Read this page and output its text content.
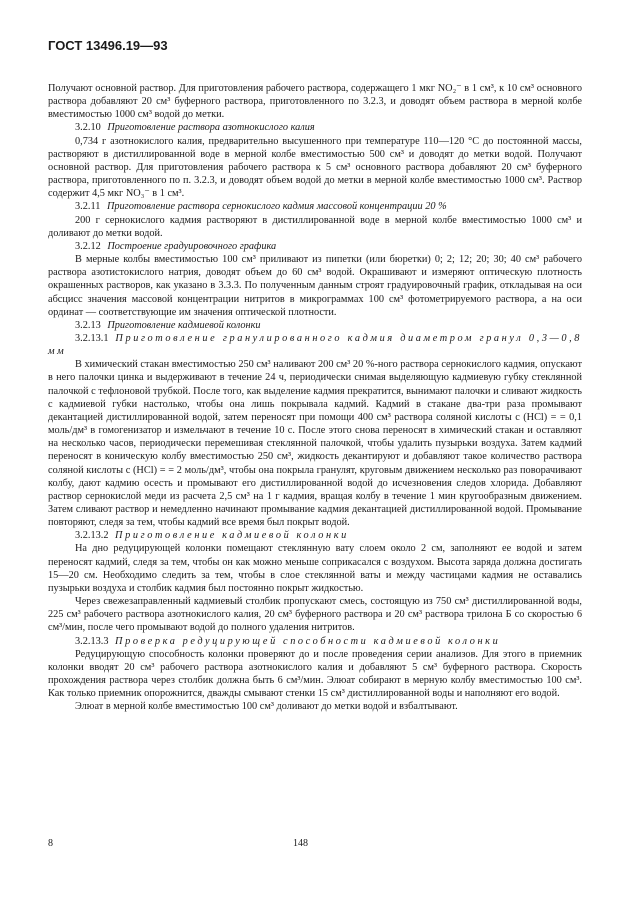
ГОСТ 13496.19—93

Получают основной раствор. Для приготовления рабочего раствора, содержащего 1 мкг NO₂⁻ в 1 см³, к 10 см³ основного раствора добавляют 20 см³ буферного раствора, приготовленного по 3.2.3, и доводят объем раствора в мерной колбе вместимостью 1000 см³ водой до метки.

3.2.10 Приготовление раствора азотнокислого калия

0,734 г азотнокислого калия, предварительно высушенного при температуре 110—120 °С до постоянной массы, растворяют в дистиллированной воде в мерной колбе вместимостью 500 см³ и доводят до метки водой. Получают основной раствор. Для приготовления рабочего раствора к 5 см³ основного раствора добавляют 20 см³ буферного раствора, приготовленного по п. 3.2.3, и доводят объем водой до метки в мерной колбе вместимостью 1000 см³. Раствор содержит 4,5 мкг NO₃⁻ в 1 см³.

3.2.11 Приготовление раствора сернокислого кадмия массовой концентрации 20 %

200 г сернокислого кадмия растворяют в дистиллированной воде в мерной колбе вместимостью 1000 см³ и доливают до метки водой.

3.2.12 Построение градуировочного графика

В мерные колбы вместимостью 100 см³ приливают из пипетки (или бюретки) 0; 2; 12; 20; 30; 40 см³ рабочего раствора азотистокислого натрия, доводят объем до 60 см³ водой. Окрашивают и измеряют оптическую плотность окрашенных растворов, как указано в 3.3.3. По полученным данным строят градуировочный график, откладывая на оси абсцисс значения массовой концентрации нитритов в микрограммах 100 см³ фотометрируемого раствора, а на оси ординат — соответствующие им значения оптической плотности.

3.2.13 Приготовление кадмиевой колонки

3.2.13.1 Приготовление гранулированного кадмия диаметром гранул 0,3—0,8 мм

В химический стакан вместимостью 250 см³ наливают 200 см³ 20 %-ного раствора сернокислого кадмия, опускают в него палочки цинка и выдерживают в течение 24 ч, периодически снимая выделяющую кадмиевую губку стеклянной палочкой с тефлоновой трубкой. После того, как выделение кадмия прекратится, вынимают палочки и сливают жидкость с кадмиевой губки настолько, чтобы она лишь покрывала кадмий. Кадмий в стакане два-три раза промывают декантацией дистиллированной водой, затем переносят при помощи 400 см³ раствора соляной кислоты с (HCl) = = 0,1 моль/дм³ в гомогенизатор и измельчают в течение 10 с. После этого снова переносят в химический стакан и оставляют на несколько часов, периодически перемешивая стеклянной палочкой, чтобы удалить пузырьки воздуха. Затем кадмий переносят в коническую колбу вместимостью 250 см³, жидкость декантируют и добавляют такое количество раствора соляной кислоты с (HCl) = = 2 моль/дм³, чтобы она покрыла гранулят, круговым движением несколько раз поворачивают колбу, дают кадмию осесть и промывают его дистиллированной водой до исчезновения следов хлорида. Добавляют раствор сернокислой меди из расчета 2,5 см³ на 1 г кадмия, вращая колбу в течение 1 мин кругообразным движением. Затем сливают раствор и немедленно начинают промывание кадмия декантацией дистиллированной водой. Промывание повторяют, следя за тем, чтобы кадмий все время был покрыт водой.

3.2.13.2 Приготовление кадмиевой колонки

На дно редуцирующей колонки помещают стеклянную вату слоем около 2 см, заполняют ее водой и затем переносят кадмий, следя за тем, чтобы он как можно меньше соприкасался с воздухом. Высота заряда должна достигать 15—20 см. Необходимо следить за тем, чтобы в слое стеклянной ваты и между частицами кадмия не оставались пузырьки воздуха и столбик кадмия был постоянно покрыт жидкостью.

Через свежезаправленный кадмиевый столбик пропускают смесь, состоящую из 750 см³ дистиллированной воды, 225 см³ рабочего раствора азотнокислого калия, 20 см³ буферного раствора и 20 см³ раствора трилона Б со скоростью 6 см³/мин, после чего промывают водой до полного удаления нитритов.

3.2.13.3 Проверка редуцирующей способности кадмиевой колонки

Редуцирующую способность колонки проверяют до и после проведения серии анализов. Для этого в приемник колонки вводят 20 см³ рабочего раствора азотнокислого калия и добавляют 5 см³ буферного раствора. Скорость прохождения раствора через столбик должна быть 6 см³/мин. Элюат собирают в мерную колбу вместимостью 100 см³. Как только приемник опорожнится, дважды смывают стенки 15 см³ дистиллированной воды и наполняют его водой.

Элюат в мерной колбе вместимостью 100 см³ доливают до метки водой и взбалтывают.

8	148
